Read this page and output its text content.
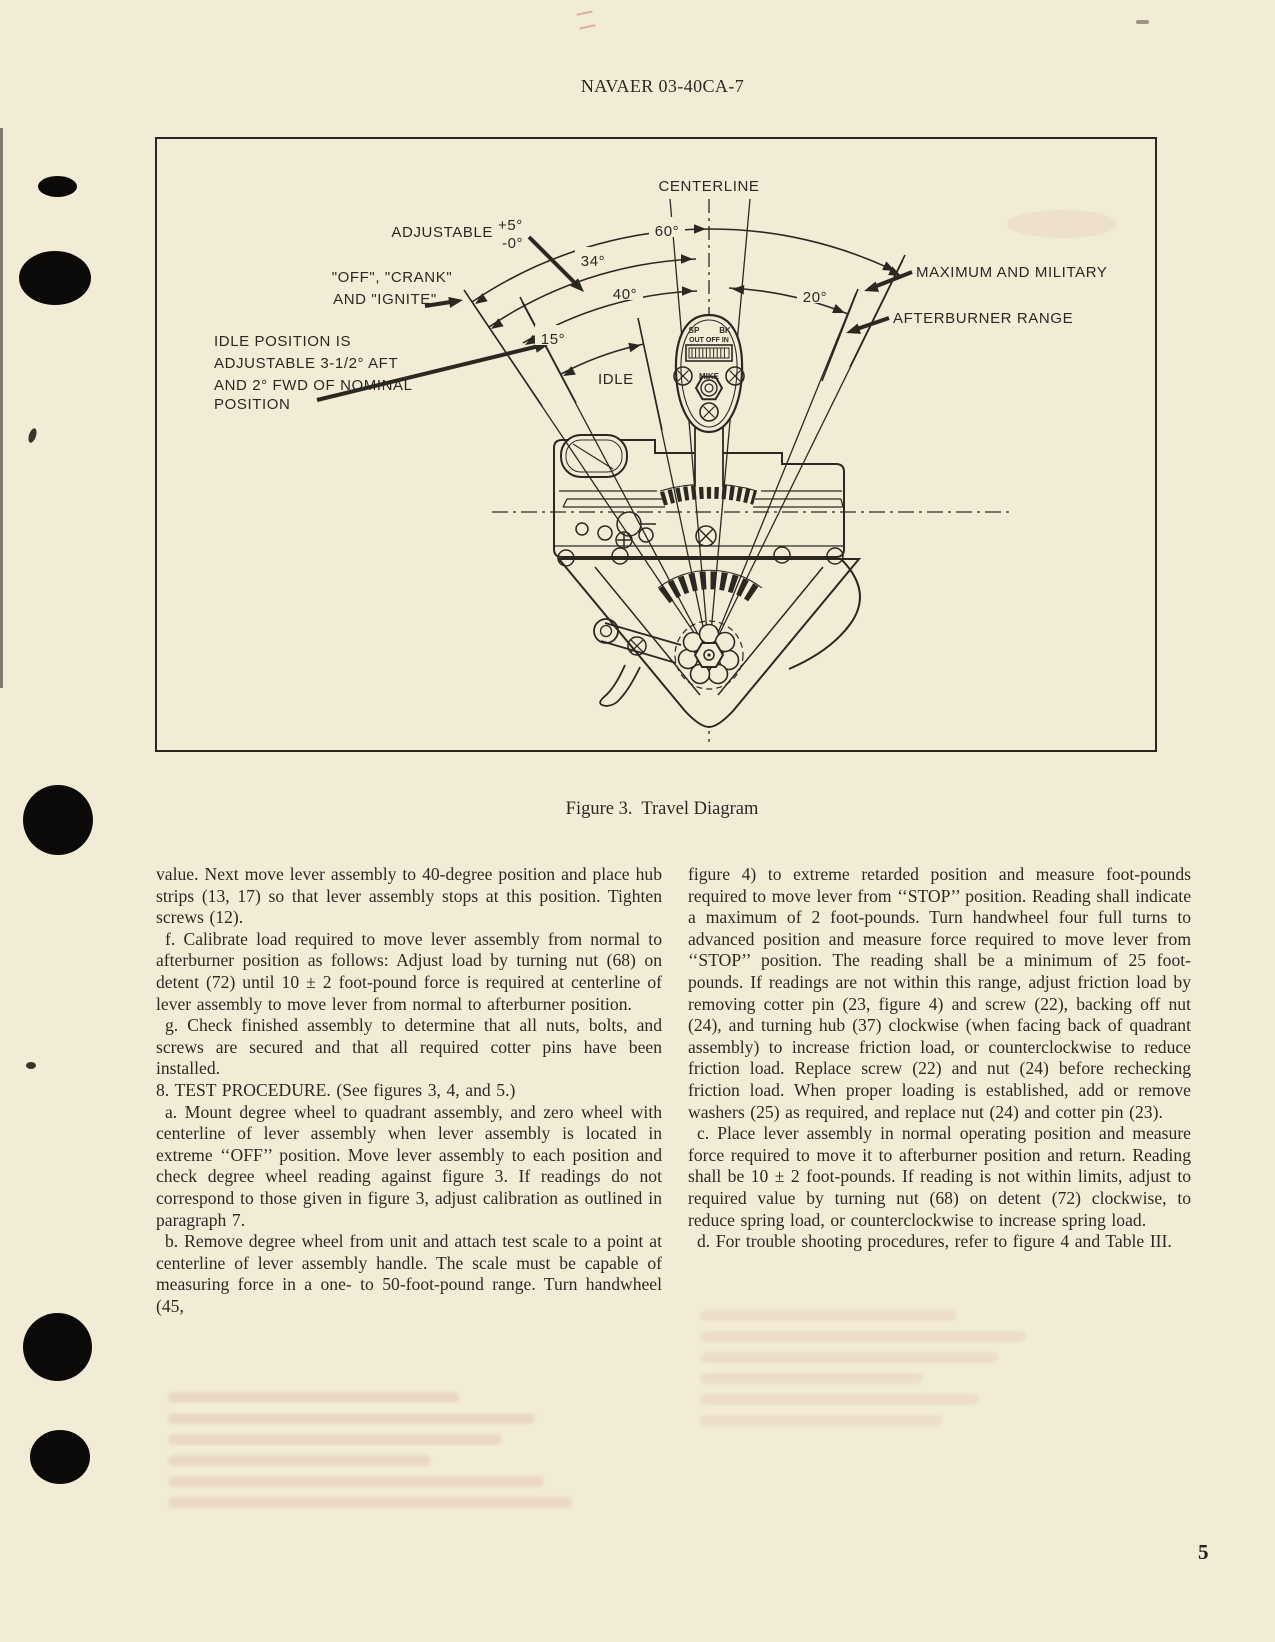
NAVAER 03-40CA-7
60°
34°
40°
15°
20°
CENTERLINE
ADJUSTABLE +5°
-0°
"OFF", "CRANK"
AND "IGNITE"
IDLE POSITION IS
ADJUSTABLE 3-1/2° AFT
AND 2° FWD OF NOMINAL
POSITION
IDLE
MAXIMUM AND MILITARY
AFTERBURNER RANGE
SP BK
OUT OFF IN
MIKE
Figure 3.  Travel Diagram

value. Next move lever assembly to 40-degree position and place hub strips (13, 17) so that lever assembly stops at this position. Tighten screws (12).

f. Calibrate load required to move lever assembly from normal to afterburner position as follows: Adjust load by turning nut (68) on detent (72) until 10 ± 2 foot-pound force is required at centerline of lever assembly to move lever from normal to afterburner position.

g. Check finished assembly to determine that all nuts, bolts, and screws are secured and that all required cotter pins have been installed.

8. TEST PROCEDURE. (See figures 3, 4, and 5.)

a. Mount degree wheel to quadrant assembly, and zero wheel with centerline of lever assembly when lever assembly is located in extreme ‘‘OFF’’ position. Move lever assembly to each position and check degree wheel reading against figure 3. If readings do not correspond to those given in figure 3, adjust calibration as outlined in paragraph 7.

b. Remove degree wheel from unit and attach test scale to a point at centerline of lever assembly handle. The scale must be capable of measuring force in a one- to 50-foot-pound range. Turn handwheel (45,

figure 4) to extreme retarded position and measure foot-pounds required to move lever from ‘‘STOP’’ position. Reading shall indicate a maximum of 2 foot-pounds. Turn handwheel four full turns to advanced position and measure force required to move lever from ‘‘STOP’’ position. The reading shall be a minimum of 25 foot-pounds. If readings are not within this range, adjust friction load by removing cotter pin (23, figure 4) and screw (22), backing off nut (24), and turning hub (37) clockwise (when facing back of quadrant assembly) to increase friction load, or counterclockwise to reduce friction load. Replace screw (22) and nut (24) before rechecking friction load. When proper loading is established, add or remove washers (25) as required, and replace nut (24) and cotter pin (23).

c. Place lever assembly in normal operating position and measure force required to move it to afterburner position and return. Reading shall be 10 ± 2 foot-pounds. If reading is not within limits, adjust to required value by turning nut (68) on detent (72) clockwise, to reduce spring load, or counterclockwise to increase spring load.

d. For trouble shooting procedures, refer to figure 4 and Table III.

5
